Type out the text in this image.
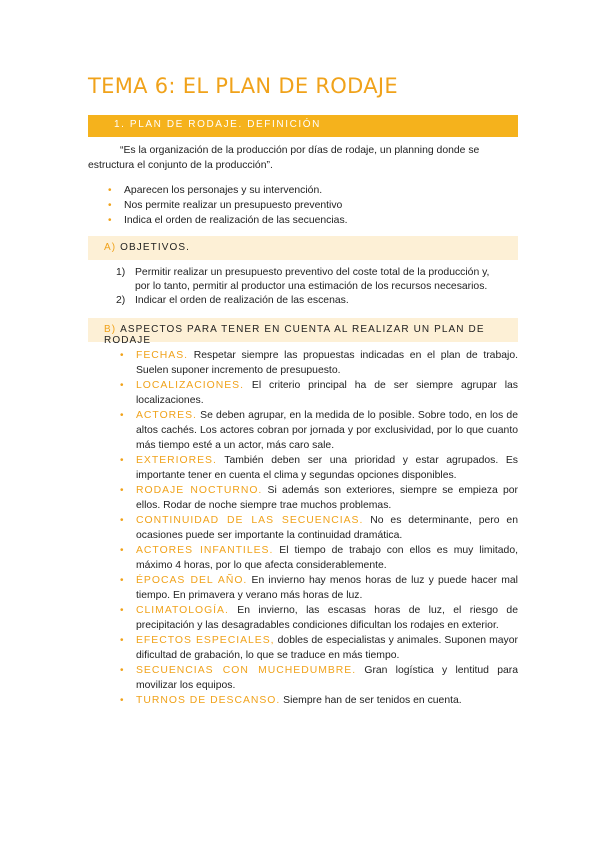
TEMA 6: EL PLAN DE RODAJE
1. PLAN DE RODAJE. DEFINICIÓN
“Es la organización de la producción por días de rodaje, un planning donde se
estructura el conjunto de la producción”.
• Aparecen los personajes y su intervención.
• Nos permite realizar un presupuesto preventivo
• Indica el orden de realización de las secuencias.
A) OBJETIVOS.
1) Permitir realizar un presupuesto preventivo del coste total de la producción y,
por lo tanto, permitir al productor una estimación de los recursos necesarios.
2) Indicar el orden de realización de las escenas.
B) ASPECTOS PARA TENER EN CUENTA AL REALIZAR UN PLAN DE RODAJE
• FECHAS. Respetar siempre las propuestas indicadas en el plan de trabajo. Suelen suponer incremento de presupuesto.
• LOCALIZACIONES. El criterio principal ha de ser siempre agrupar las localizaciones.
• ACTORES. Se deben agrupar, en la medida de lo posible. Sobre todo, en los de altos cachés. Los actores cobran por jornada y por exclusividad, por lo que cuanto más tiempo esté a un actor, más caro sale.
• EXTERIORES. También deben ser una prioridad y estar agrupados. Es importante tener en cuenta el clima y segundas opciones disponibles.
• RODAJE NOCTURNO. Si además son exteriores, siempre se empieza por ellos. Rodar de noche siempre trae muchos problemas.
• CONTINUIDAD DE LAS SECUENCIAS. No es determinante, pero en ocasiones puede ser importante la continuidad dramática.
• ACTORES INFANTILES. El tiempo de trabajo con ellos es muy limitado, máximo 4 horas, por lo que afecta considerablemente.
• ÉPOCAS DEL AÑO. En invierno hay menos horas de luz y puede hacer mal tiempo. En primavera y verano más horas de luz.
• CLIMATOLOGÍA. En invierno, las escasas horas de luz, el riesgo de precipitación y las desagradables condiciones dificultan los rodajes en exterior.
• EFECTOS ESPECIALES, dobles de especialistas y animales. Suponen mayor dificultad de grabación, lo que se traduce en más tiempo.
• SECUENCIAS CON MUCHEDUMBRE. Gran logística y lentitud para movilizar los equipos.
• TURNOS DE DESCANSO. Siempre han de ser tenidos en cuenta.
